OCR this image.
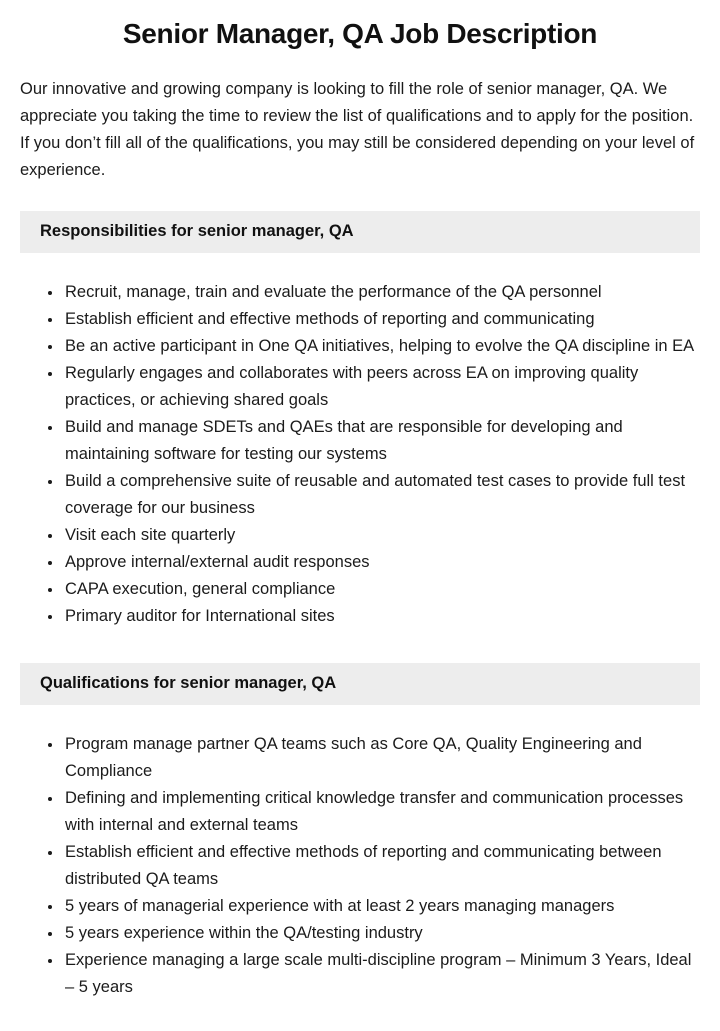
Senior Manager, QA Job Description

Our innovative and growing company is looking to fill the role of senior manager, QA. We appreciate you taking the time to review the list of qualifications and to apply for the position. If you don’t fill all of the qualifications, you may still be considered depending on your level of experience.

Responsibilities for senior manager, QA
• Recruit, manage, train and evaluate the performance of the QA personnel
• Establish efficient and effective methods of reporting and communicating
• Be an active participant in One QA initiatives, helping to evolve the QA discipline in EA
• Regularly engages and collaborates with peers across EA on improving quality practices, or achieving shared goals
• Build and manage SDETs and QAEs that are responsible for developing and maintaining software for testing our systems
• Build a comprehensive suite of reusable and automated test cases to provide full test coverage for our business
• Visit each site quarterly
• Approve internal/external audit responses
• CAPA execution, general compliance
• Primary auditor for International sites
Qualifications for senior manager, QA
• Program manage partner QA teams such as Core QA, Quality Engineering and Compliance
• Defining and implementing critical knowledge transfer and communication processes with internal and external teams
• Establish efficient and effective methods of reporting and communicating between distributed QA teams
• 5 years of managerial experience with at least 2 years managing managers
• 5 years experience within the QA/testing industry
• Experience managing a large scale multi-discipline program – Minimum 3 Years, Ideal – 5 years
